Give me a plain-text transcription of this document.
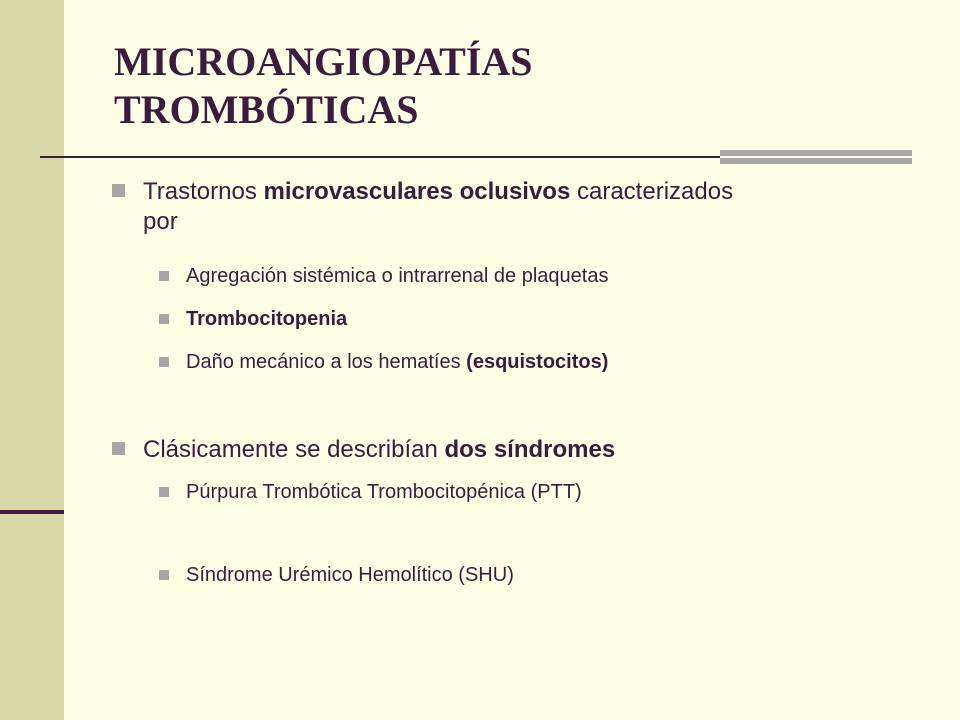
MICROANGIOPATÍAS
TROMBÓTICAS
Trastornos microvasculares oclusivos caracterizados por
Agregación sistémica o intrarrenal de plaquetas
Trombocitopenia
Daño mecánico a los hematíes (esquistocitos)
Clásicamente se describían dos síndromes
Púrpura Trombótica Trombocitopénica (PTT)
Síndrome Urémico Hemolítico (SHU)
